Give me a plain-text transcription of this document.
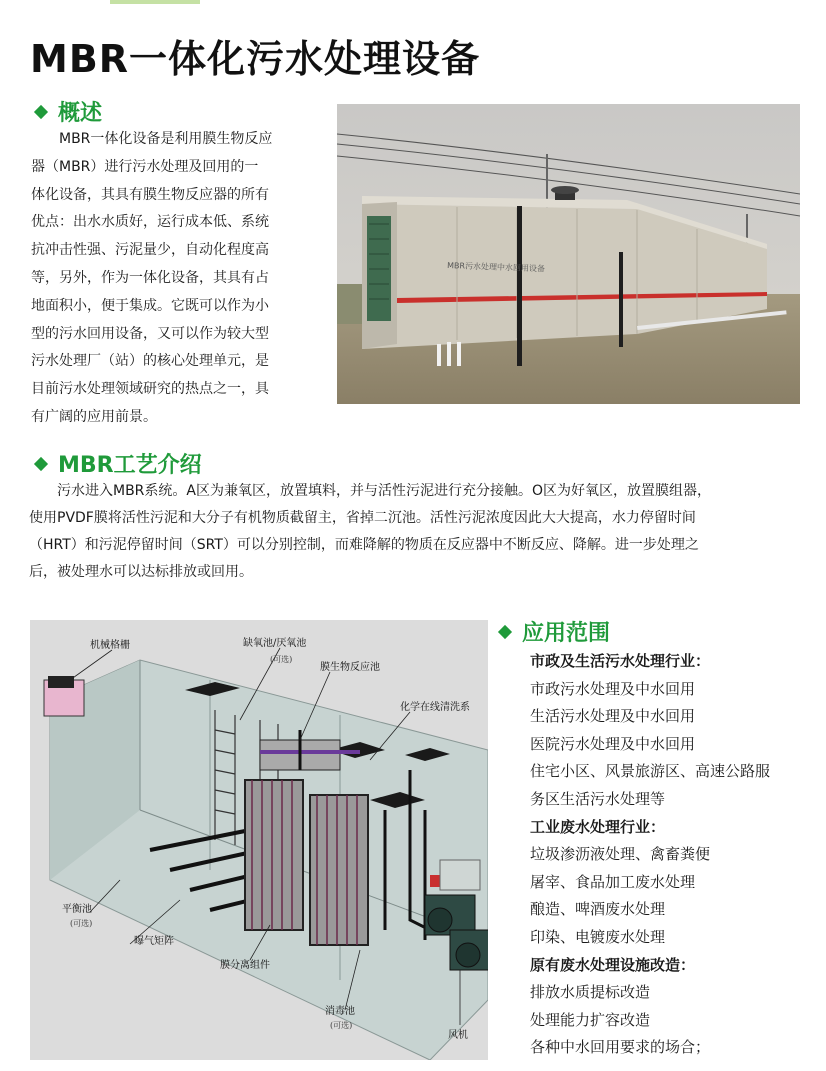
MBR一体化污水处理设备
概述

MBR一体化设备是利用膜生物反应

器（MBR）进行污水处理及回用的一

体化设备，其具有膜生物反应器的所有

优点：出水水质好，运行成本低、系统

抗冲击性强、污泥量少，自动化程度高

等，另外，作为一体化设备，其具有占

地面积小，便于集成。它既可以作为小

型的污水回用设备，又可以作为较大型

污水处理厂（站）的核心处理单元，是

目前污水处理领域研究的热点之一，具

有广阔的应用前景。

MBR污水处理中水回用设备
MBR工艺介绍

污水进入MBR系统。A区为兼氧区，放置填料，并与活性污泥进行充分接触。O区为好氧区，放置膜组器，

使用PVDF膜将活性污泥和大分子有机物质截留主，省掉二沉池。活性污泥浓度因此大大提高，水力停留时间

（HRT）和污泥停留时间（SRT）可以分别控制，而难降解的物质在反应器中不断反应、降解。进一步处理之

后，被处理水可以达标排放或回用。

机械格栅	缺氧池/厌氧池
(可选)
膜生物反应池
化学在线清洗系
平衡池
(可选)
曝气矩阵
膜分离组件
消毒池
(可选)
风机
应用范围
市政及生活污水处理行业：
市政污水处理及中水回用
生活污水处理及中水回用
医院污水处理及中水回用
住宅小区、风景旅游区、高速公路服
务区生活污水处理等
工业废水处理行业：
垃圾渗沥液处理、禽畜粪便
屠宰、食品加工废水处理
酿造、啤酒废水处理
印染、电镀废水处理
原有废水处理设施改造：
排放水质提标改造
处理能力扩容改造
各种中水回用要求的场合；
